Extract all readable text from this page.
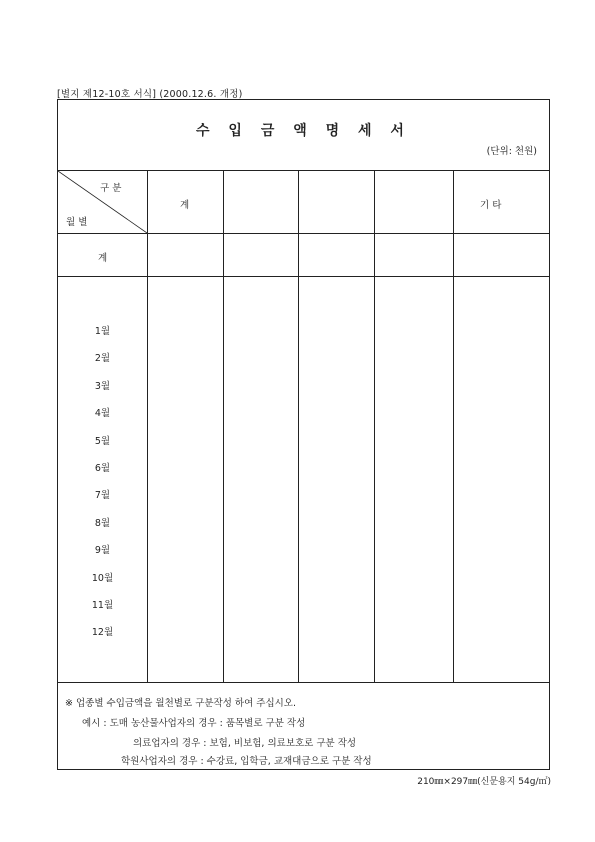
[별지 제12-10호 서식] (2000.12.6. 개정)
수 입 금 액 명 세 서
(단위: 천원)
구 분
월 별
계	기 타
계
1월
2월
3월
4월
5월
6월
7월
8월
9월
10월
11월
12월
※ 업종별 수입금액을 월천별로 구분작성 하여 주십시오.
예시 : 도매 농산물사업자의 경우 : 품목별로 구분 작성
의료업자의 경우 : 보험, 비보험, 의료보호로 구분 작성
학원사업자의 경우 : 수강료, 입학금, 교재대금으로 구분 작성
210㎜×297㎜(신문용지 54g/㎡)
